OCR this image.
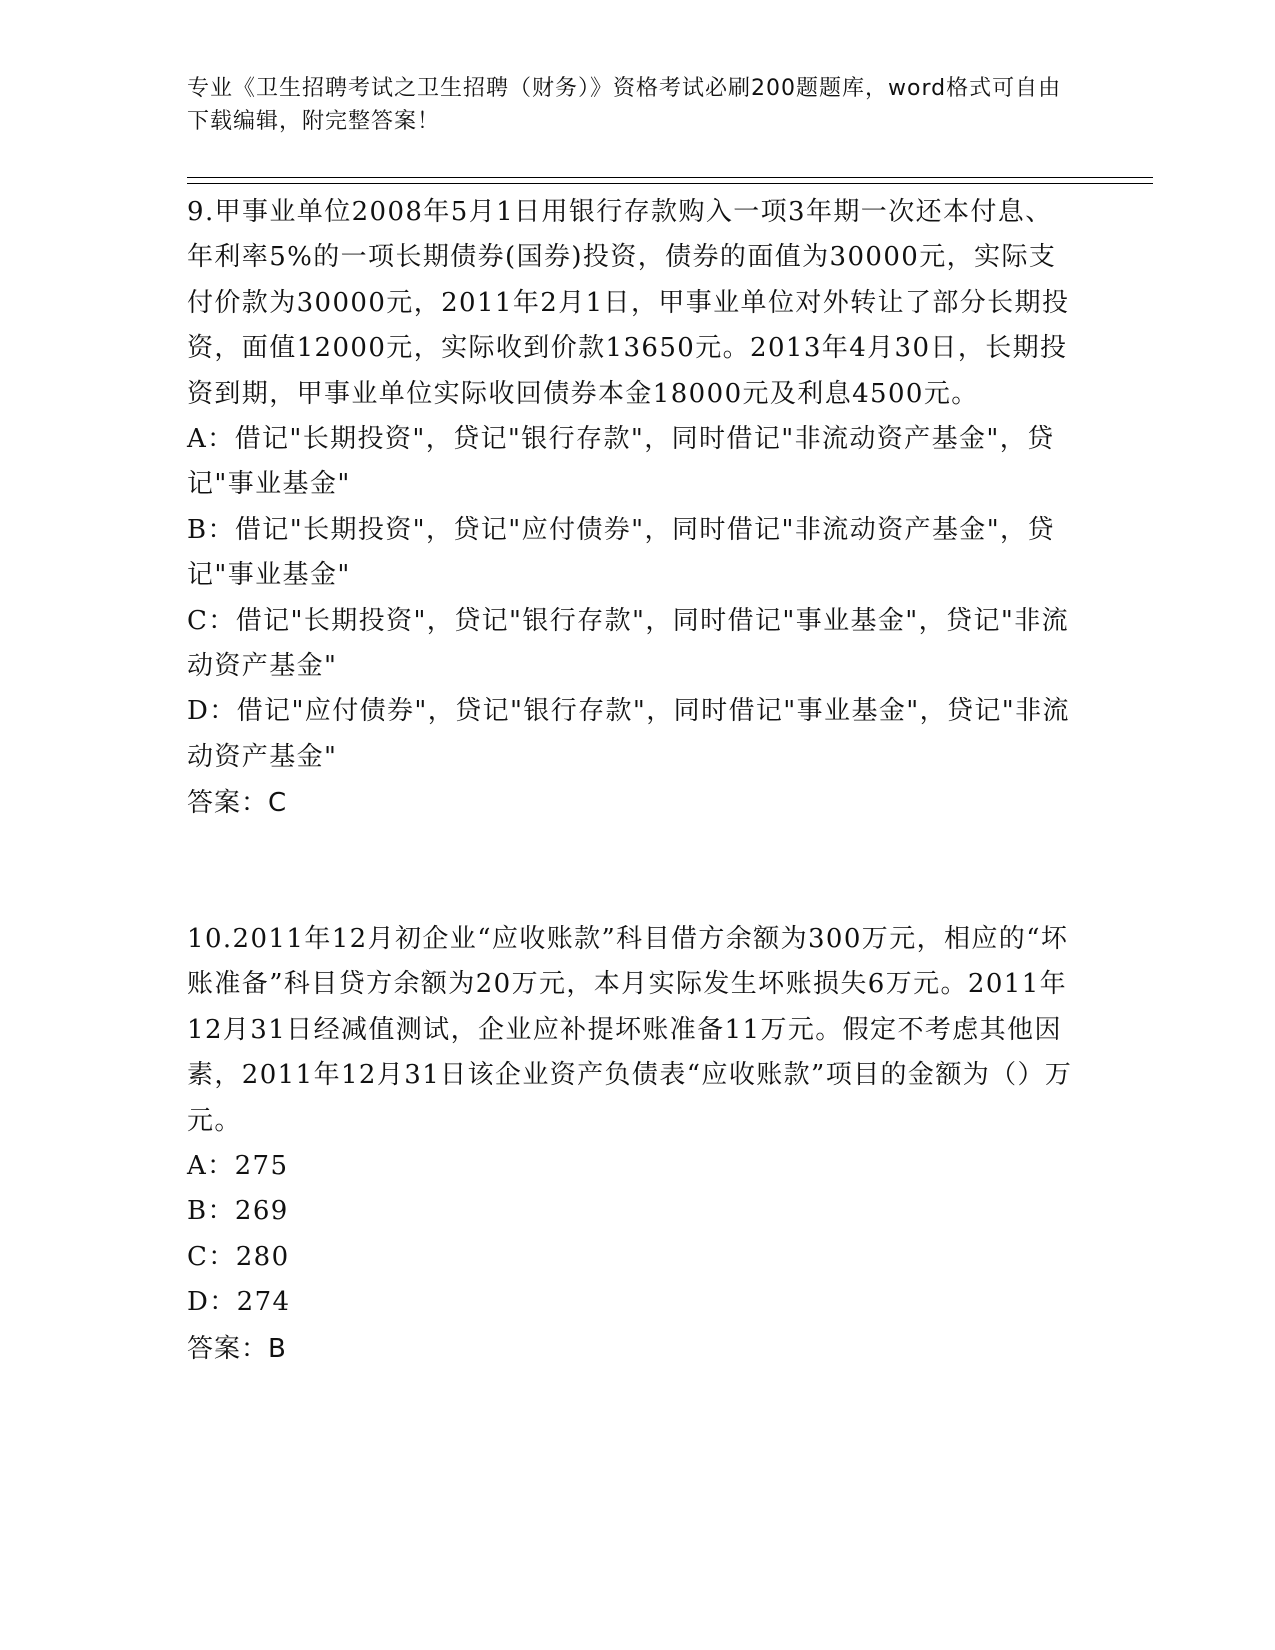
专业《卫生招聘考试之卫生招聘（财务）》资格考试必刷200题题库，word格式可自由下载编辑，附完整答案！

9.甲事业单位2008年5月1日用银行存款购入一项3年期一次还本付息、年利率5%的一项长期债券(国券)投资，债券的面值为30000元，实际支付价款为30000元，2011年2月1日，甲事业单位对外转让了部分长期投资，面值12000元，实际收到价款13650元。2013年4月30日，长期投资到期，甲事业单位实际收回债券本金18000元及利息4500元。

A：借记"长期投资"，贷记"银行存款"，同时借记"非流动资产基金"，贷记"事业基金"
B：借记"长期投资"，贷记"应付债券"，同时借记"非流动资产基金"，贷记"事业基金"
C：借记"长期投资"，贷记"银行存款"，同时借记"事业基金"，贷记"非流动资产基金"
D：借记"应付债券"，贷记"银行存款"，同时借记"事业基金"，贷记"非流动资产基金"
答案：C

10.2011年12月初企业“应收账款”科目借方余额为300万元，相应的“坏账准备”科目贷方余额为20万元，本月实际发生坏账损失6万元。2011年12月31日经减值测试，企业应补提坏账准备11万元。假定不考虑其他因素，2011年12月31日该企业资产负债表“应收账款”项目的金额为（）万元。

A：275
B：269
C：280
D：274
答案：B
